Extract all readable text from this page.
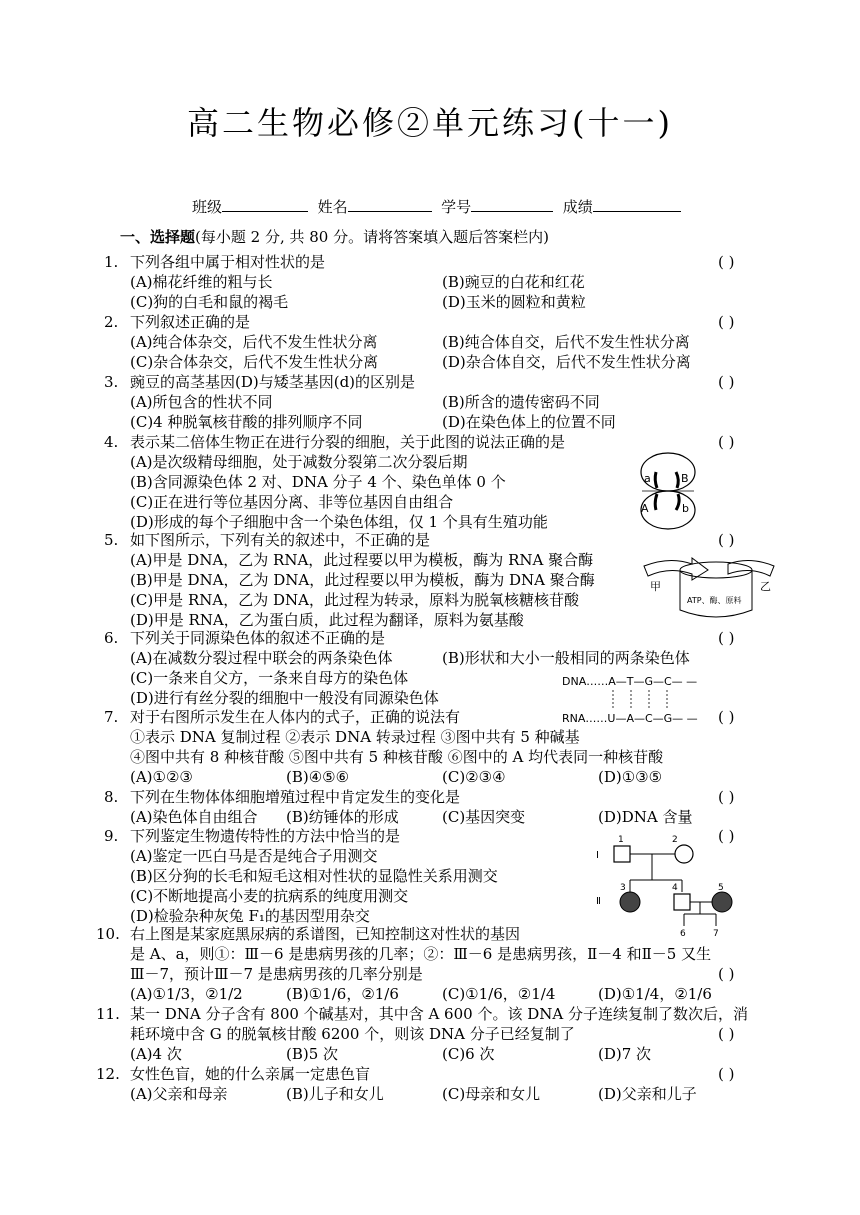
高二生物必修②单元练习(十一)
班级	姓名	学号	成绩
一、选择题(每小题 2 分, 共 80 分。请将答案填入题后答案栏内)
1. 下列各组中属于相对性状的是	( )
(A)棉花纤维的粗与长	(B)豌豆的白花和红花
(C)狗的白毛和鼠的褐毛	(D)玉米的圆粒和黄粒
2. 下列叙述正确的是	( )
(A)纯合体杂交，后代不发生性状分离	(B)纯合体自交，后代不发生性状分离
(C)杂合体杂交，后代不发生性状分离	(D)杂合体自交，后代不发生性状分离
3. 豌豆的高茎基因(D)与矮茎基因(d)的区别是	( )
(A)所包含的性状不同	(B)所含的遗传密码不同
(C)4 种脱氧核苷酸的排列顺序不同	(D)在染色体上的位置不同
4. 表示某二倍体生物正在进行分裂的细胞，关于此图的说法正确的是	( )
(A)是次级精母细胞，处于减数分裂第二次分裂后期
(B)含同源染色体 2 对、DNA 分子 4 个、染色单体 0 个
(C)正在进行等位基因分离、非等位基因自由组合
(D)形成的每个子细胞中含一个染色体组，仅 1 个具有生殖功能
a	B
A	b
5. 如下图所示，下列有关的叙述中，不正确的是	( )
(A)甲是 DNA，乙为 RNA，此过程要以甲为模板，酶为 RNA 聚合酶
(B)甲是 DNA，乙为 DNA，此过程要以甲为模板，酶为 DNA 聚合酶
(C)甲是 RNA，乙为 DNA，此过程为转录，原料为脱氧核糖核苷酸
(D)甲是 RNA，乙为蛋白质，此过程为翻译，原料为氨基酸
甲	乙
ATP、酶、原料
6. 下列关于同源染色体的叙述不正确的是	( )
(A)在减数分裂过程中联会的两条染色体	(B)形状和大小一般相同的两条染色体
(C)一条来自父方，一条来自母方的染色体
(D)进行有丝分裂的细胞中一般没有同源染色体
DNA……A—T—G—C— —
RNA……U—A—C—G— —
7. 对于右图所示发生在人体内的式子，正确的说法有	( )
①表示 DNA 复制过程 ②表示 DNA 转录过程 ③图中共有 5 种碱基
④图中共有 8 种核苷酸 ⑤图中共有 5 种核苷酸 ⑥图中的 A 均代表同一种核苷酸
(A)①②③	(B)④⑤⑥	(C)②③④	(D)①③⑤
8. 下列在生物体体细胞增殖过程中肯定发生的变化是	( )
(A)染色体自由组合 (B)纺锤体的形成	(C)基因突变	(D)DNA 含量
9. 下列鉴定生物遗传特性的方法中恰当的是	( )
(A)鉴定一匹白马是否是纯合子用测交
(B)区分狗的长毛和短毛这相对性状的显隐性关系用测交
(C)不断地提高小麦的抗病系的纯度用测交
(D)检验杂种灰兔 F₁的基因型用杂交
Ⅰ
Ⅱ
1	2
3	4	5
6	7
10. 右上图是某家庭黑尿病的系谱图，已知控制这对性状的基因
是 A、a，则①：Ⅲ－6 是患病男孩的几率；②：Ⅲ－6 是患病男孩，Ⅱ－4 和Ⅱ－5 又生
Ⅲ－7，预计Ⅲ－7 是患病男孩的几率分别是	( )
(A)①1/3，②1/2	(B)①1/6，②1/6	(C)①1/6，②1/4	(D)①1/4，②1/6
11. 某一 DNA 分子含有 800 个碱基对，其中含 A 600 个。该 DNA 分子连续复制了数次后，消
耗环境中含 G 的脱氧核甘酸 6200 个，则该 DNA 分子已经复制了	( )
(A)4 次	(B)5 次	(C)6 次	(D)7 次
12. 女性色盲，她的什么亲属一定患色盲	( )
(A)父亲和母亲	(B)儿子和女儿	(C)母亲和女儿	(D)父亲和儿子
